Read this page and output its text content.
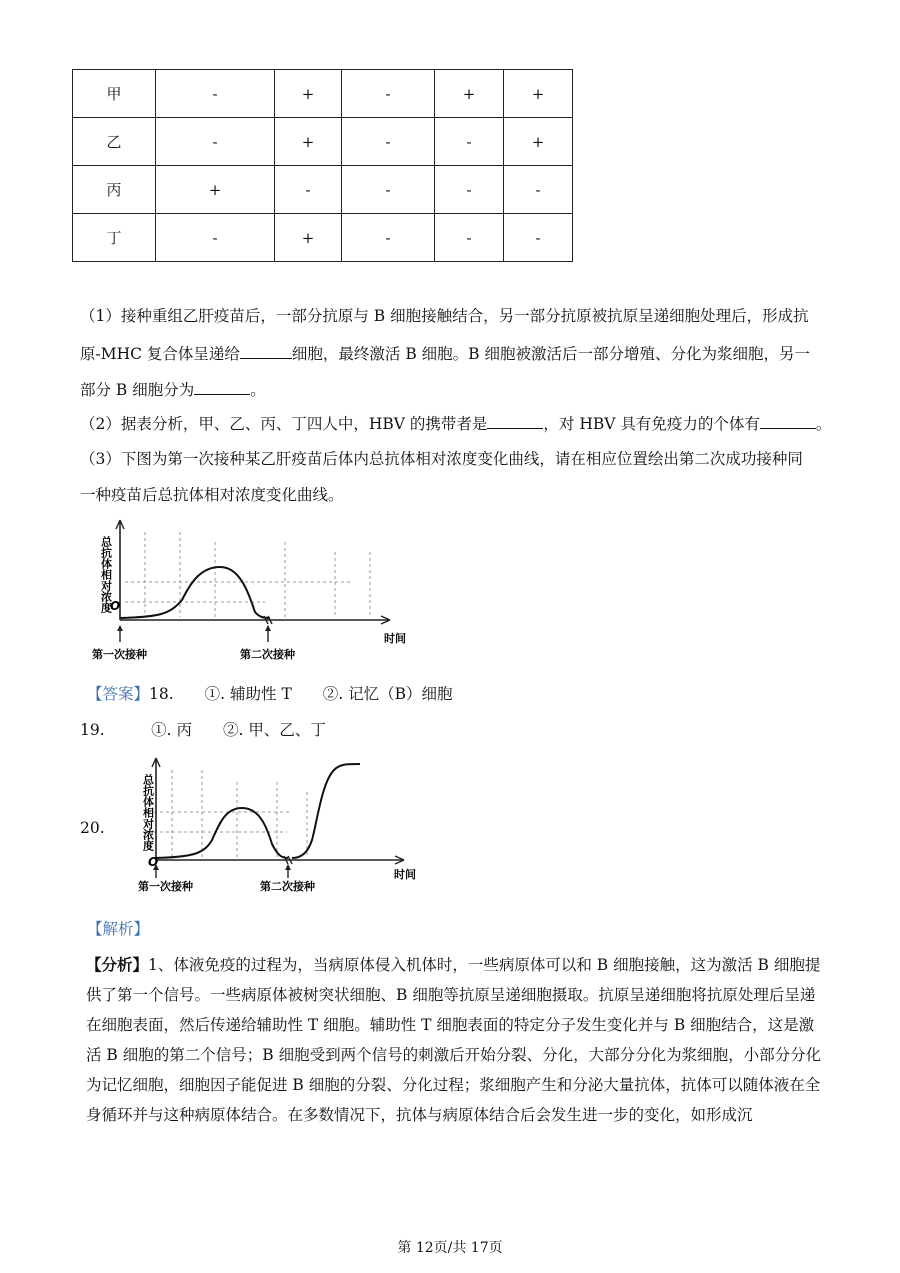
甲	-	+	-	+	+
乙	-	+	-	-	+
丙	+	-	-	-	-
丁	-	+	-	-	-
（1）接种重组乙肝疫苗后，一部分抗原与 B 细胞接触结合，另一部分抗原被抗原呈递细胞处理后，形成抗
原-MHC 复合体呈递给	细胞，最终激活 B 细胞。B 细胞被激活后一部分增殖、分化为浆细胞，另一
部分 B 细胞分为	。
（2）据表分析，甲、乙、丙、丁四人中，HBV 的携带者是	，对 HBV 具有免疫力的个体有	。
（3）下图为第一次接种某乙肝疫苗后体内总抗体相对浓度变化曲线，请在相应位置绘出第二次成功接种同
一种疫苗后总抗体相对浓度变化曲线。
O
总抗体相对浓度
时间
第一次接种	第二次接种
【答案】18.　　①. 辅助性 T　　②. 记忆（B）细胞
19.　　　①. 丙　　②. 甲、乙、丁
20.
O
总抗体相对浓度
时间
第一次接种	第二次接种
【解析】
【分析】1、体液免疫的过程为，当病原体侵入机体时，一些病原体可以和 B 细胞接触，这为激活 B 细胞提供了第一个信号。一些病原体被树突状细胞、B 细胞等抗原呈递细胞摄取。抗原呈递细胞将抗原处理后呈递在细胞表面，然后传递给辅助性 T 细胞。辅助性 T 细胞表面的特定分子发生变化并与 B 细胞结合，这是激活 B 细胞的第二个信号；B 细胞受到两个信号的刺激后开始分裂、分化，大部分分化为浆细胞，小部分分化为记忆细胞，细胞因子能促进 B 细胞的分裂、分化过程；浆细胞产生和分泌大量抗体，抗体可以随体液在全身循环并与这种病原体结合。在多数情况下，抗体与病原体结合后会发生进一步的变化，如形成沉
第 12页/共 17页
